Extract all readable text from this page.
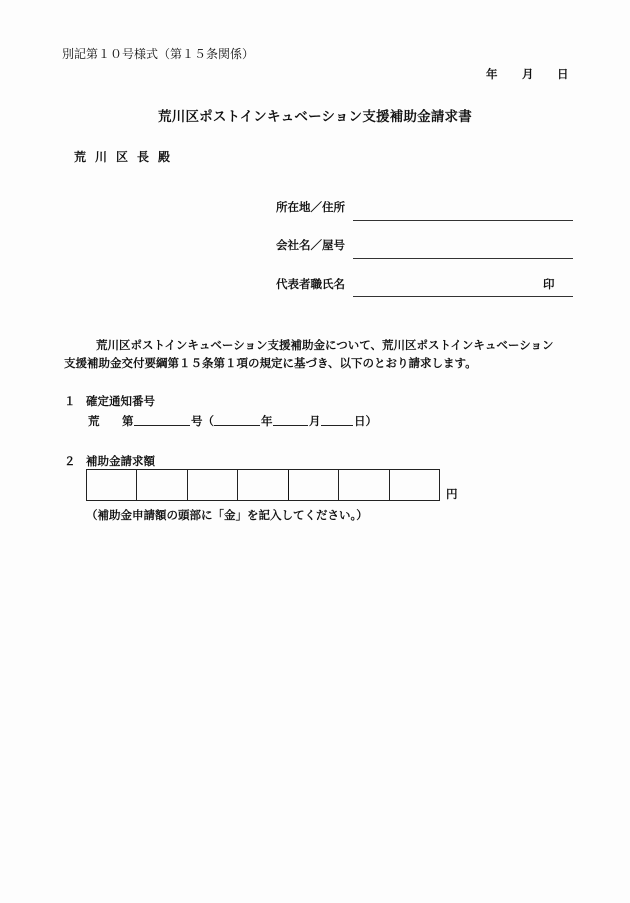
別記第１０号様式（第１５条関係）
年 月 日
荒川区ポストインキュベーション支援補助金請求書
荒川区長殿
所在地／住所
会社名／屋号
代表者職氏名	印
荒川区ポストインキュベーション支援補助金について、荒川区ポストインキュベーション
支援補助金交付要綱第１５条第１項の規定に基づき、以下のとおり請求します。
１ 確定通知番号
荒 第	号（	年	月	日）
２ 補助金請求額
円
（補助金申請額の頭部に「金」を記入してください。）
